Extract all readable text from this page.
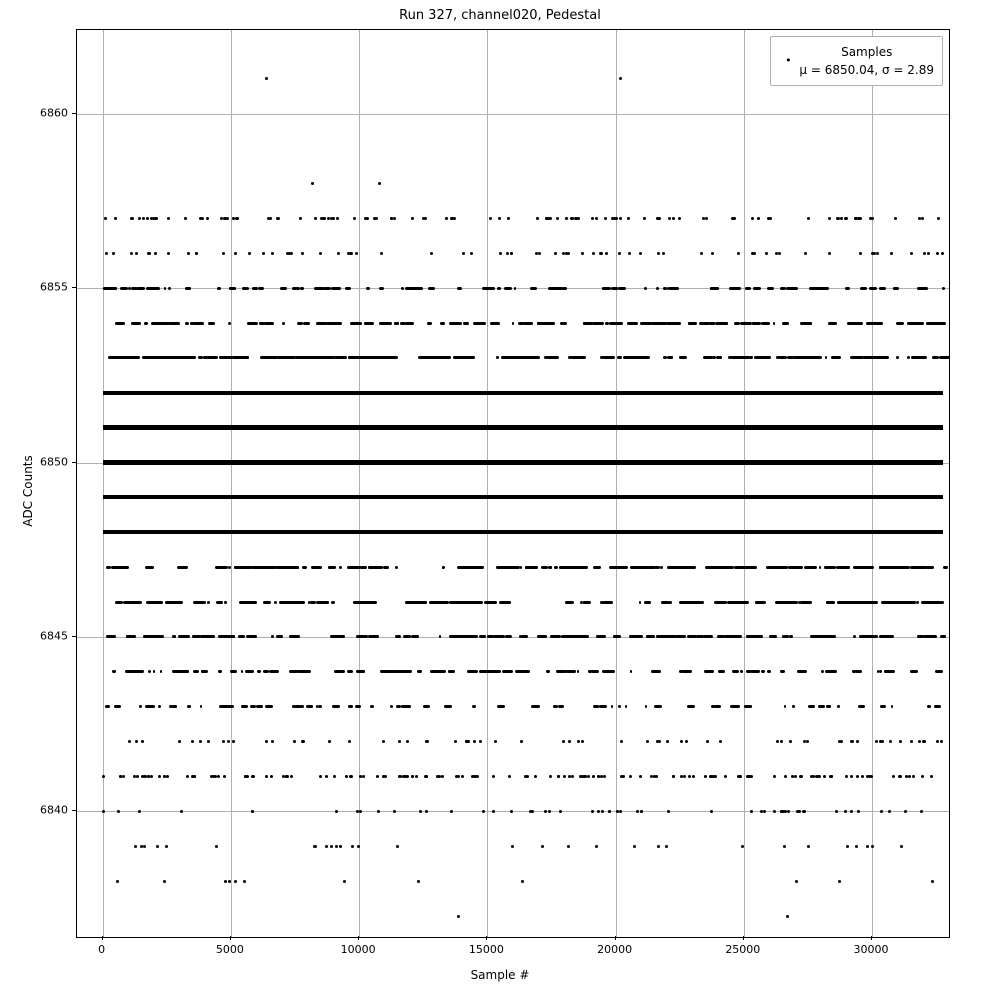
Run 327, channel020, Pedestal
•
Samples
μ = 6850.04, σ = 2.89
0	5000	10000	15000	20000	25000	30000
6840
6845
6850
6855
6860
Sample #
ADC Counts
